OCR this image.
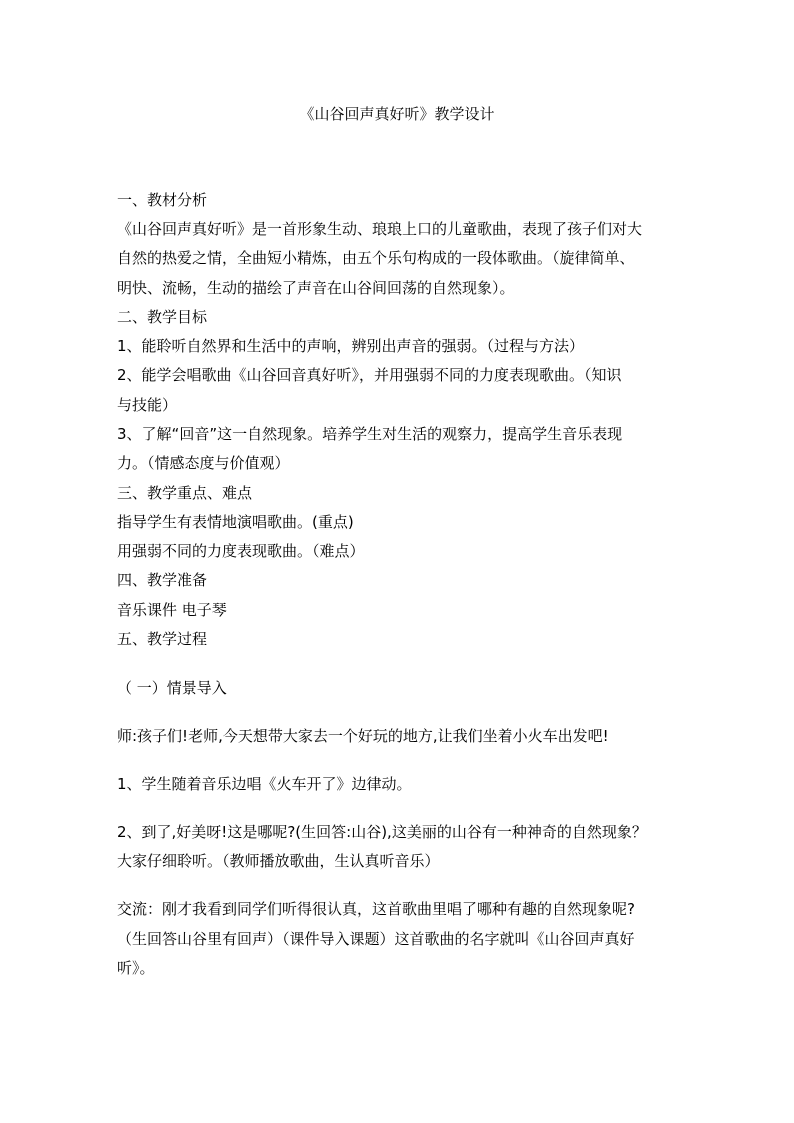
《山谷回声真好听》教学设计
一、教材分析
《山谷回声真好听》是一首形象生动、琅琅上口的儿童歌曲，表现了孩子们对大
自然的热爱之情，全曲短小精炼，由五个乐句构成的一段体歌曲。（旋律简单、
明快、流畅，生动的描绘了声音在山谷间回荡的自然现象）。
二、教学目标
1、能聆听自然界和生活中的声响，辨别出声音的强弱。（过程与方法）
2、能学会唱歌曲《山谷回音真好听》，并用强弱不同的力度表现歌曲。（知识
与技能）
3、了解“回音”这一自然现象。培养学生对生活的观察力，提高学生音乐表现
力。（情感态度与价值观）
三、教学重点、难点
指导学生有表情地演唱歌曲。(重点)
用强弱不同的力度表现歌曲。（难点）
四、教学准备
音乐课件 电子琴
五、教学过程
（ 一）情景导入
师:孩子们!老师,今天想带大家去一个好玩的地方,让我们坐着小火车出发吧!
1、学生随着音乐边唱《火车开了》边律动。
2、到了,好美呀!这是哪呢?(生回答:山谷),这美丽的山谷有一种神奇的自然现象？
大家仔细聆听。（教师播放歌曲，生认真听音乐）
交流：刚才我看到同学们听得很认真，这首歌曲里唱了哪种有趣的自然现象呢?
（生回答山谷里有回声）（课件导入课题）这首歌曲的名字就叫《山谷回声真好
听》。
